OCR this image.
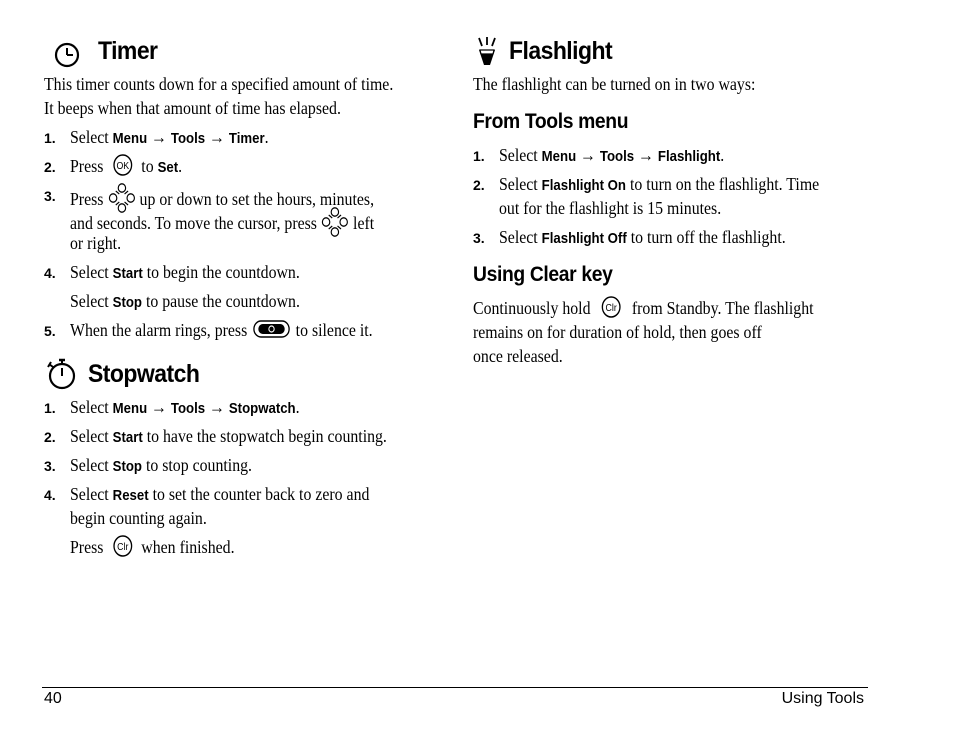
Timer
This timer counts down for a specified amount of time.
It beeps when that amount of time has elapsed.
1. Select Menu → Tools → Timer.
2. Press OK to Set.
3. Press  up or down to set the hours, minutes,
and seconds. To move the cursor, press  left
or right.
4. Select Start to begin the countdown.
Select Stop to pause the countdown.
5. When the alarm rings, press  to silence it.
Stopwatch
1. Select Menu → Tools → Stopwatch.
2. Select Start to have the stopwatch begin counting.
3. Select Stop to stop counting.
4. Select Reset to set the counter back to zero and
begin counting again.
Press Clr when finished.
Flashlight
The flashlight can be turned on in two ways:
From Tools menu
1. Select Menu → Tools → Flashlight.
2. Select Flashlight On to turn on the flashlight. Time
out for the flashlight is 15 minutes.
3. Select Flashlight Off to turn off the flashlight.
Using Clear key
Continuously hold Clr from Standby. The flashlight
remains on for duration of hold, then goes off
once released.
40	Using Tools
